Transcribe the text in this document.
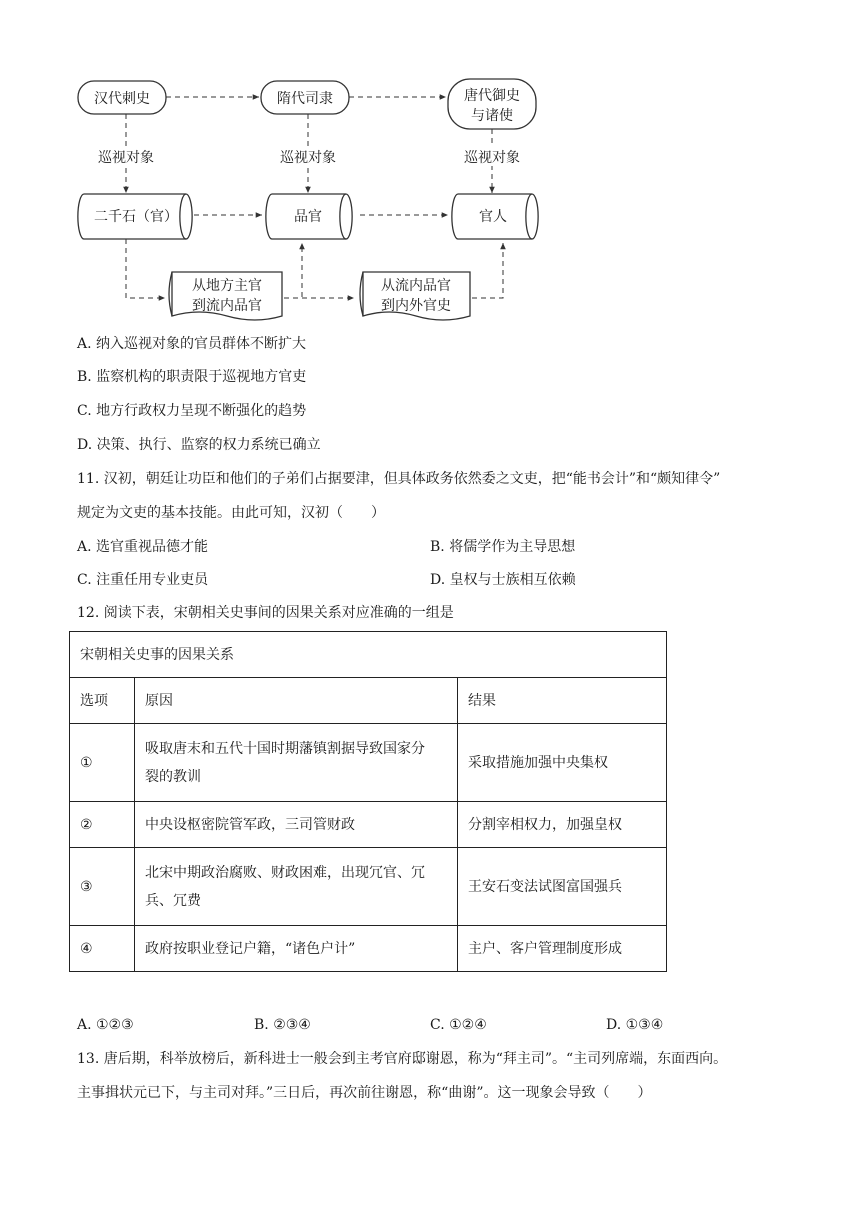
汉代刺史	隋代司隶	唐代御史
与诸使
巡视对象	巡视对象	巡视对象
二千石（官）	品官	官人
从地方主官
到流内品官
从流内品官
到内外官史
A. 纳入巡视对象的官员群体不断扩大
B. 监察机构的职责限于巡视地方官吏
C. 地方行政权力呈现不断强化的趋势
D. 决策、执行、监察的权力系统已确立
11. 汉初，朝廷让功臣和他们的子弟们占据要津，但具体政务依然委之文吏，把“能书会计”和“颇知律令”
规定为文吏的基本技能。由此可知，汉初（　　）
A. 选官重视品德才能	B. 将儒学作为主导思想
C. 注重任用专业吏员	D. 皇权与士族相互依赖
12. 阅读下表，宋朝相关史事间的因果关系对应准确的一组是
宋朝相关史事的因果关系		
选项	原因	结果
①	吸取唐末和五代十国时期藩镇割据导致国家分
裂的教训	采取措施加强中央集权
②	中央设枢密院管军政，三司管财政	分割宰相权力，加强皇权
③	北宋中期政治腐败、财政困难，出现冗官、冗
兵、冗费	王安石变法试图富国强兵
④	政府按职业登记户籍，“诸色户计”	主户、客户管理制度形成
A. ①②③	B. ②③④	C. ①②④	D. ①③④
13. 唐后期，科举放榜后，新科进士一般会到主考官府邸谢恩，称为“拜主司”。“主司列席端，东面西向。
主事揖状元已下，与主司对拜。”三日后，再次前往谢恩，称“曲谢”。这一现象会导致（　　）
